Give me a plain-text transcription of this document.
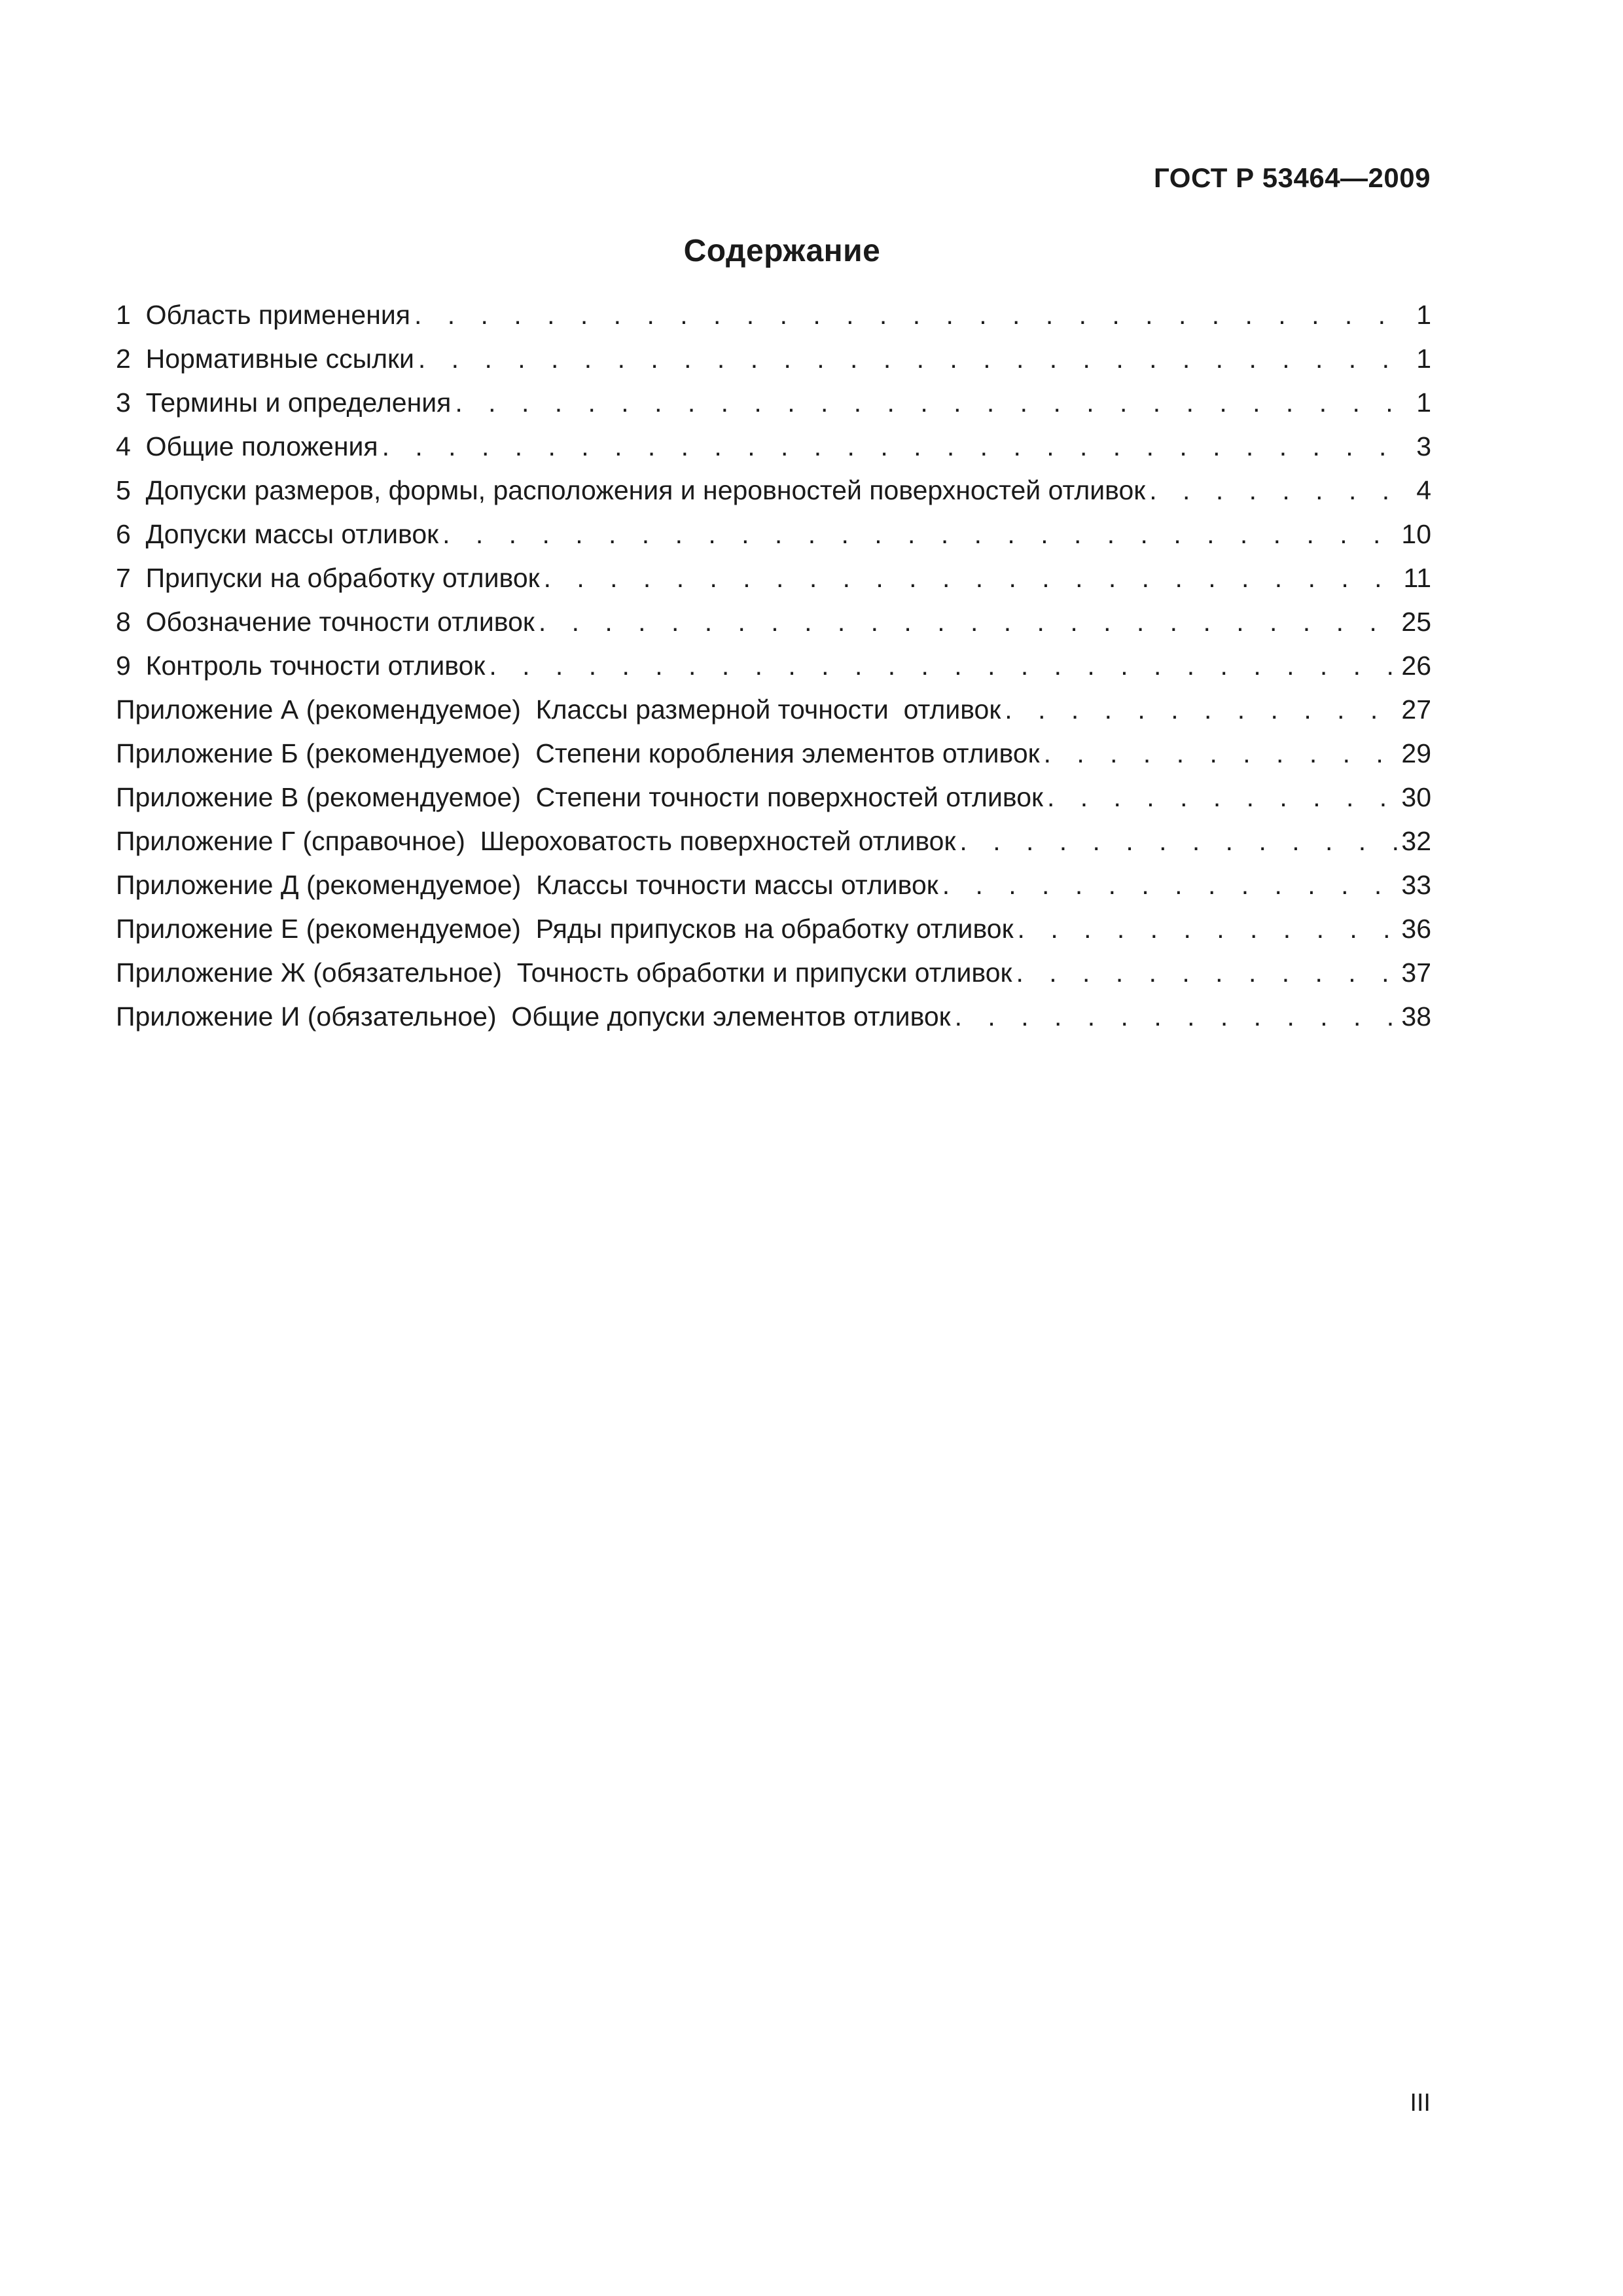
ГОСТ Р 53464—2009
Содержание
1  Область применения . . .	1
2  Нормативные ссылки . . .	1
3  Термины и определения . . .	1
4  Общие положения . . .	3
5  Допуски размеров, формы, расположения и неровностей поверхностей отливок . . .	4
6  Допуски массы отливок . . .	10
7  Припуски на обработку отливок . . .	11
8  Обозначение точности отливок . . .	25
9  Контроль точности отливок . . .	26
Приложение А (рекомендуемое)  Классы размерной точности  отливок . . .	27
Приложение Б (рекомендуемое)  Степени коробления элементов отливок . . .	29
Приложение В (рекомендуемое)  Степени точности поверхностей отливок . . .	30
Приложение Г (справочное)  Шероховатость поверхностей отливок . . .	32
Приложение Д (рекомендуемое)  Классы точности массы отливок . . .	33
Приложение Е (рекомендуемое)  Ряды припусков на обработку отливок . . .	36
Приложение Ж (обязательное)  Точность обработки и припуски отливок . . .	37
Приложение И (обязательное)  Общие допуски элементов отливок . . .	38
III
